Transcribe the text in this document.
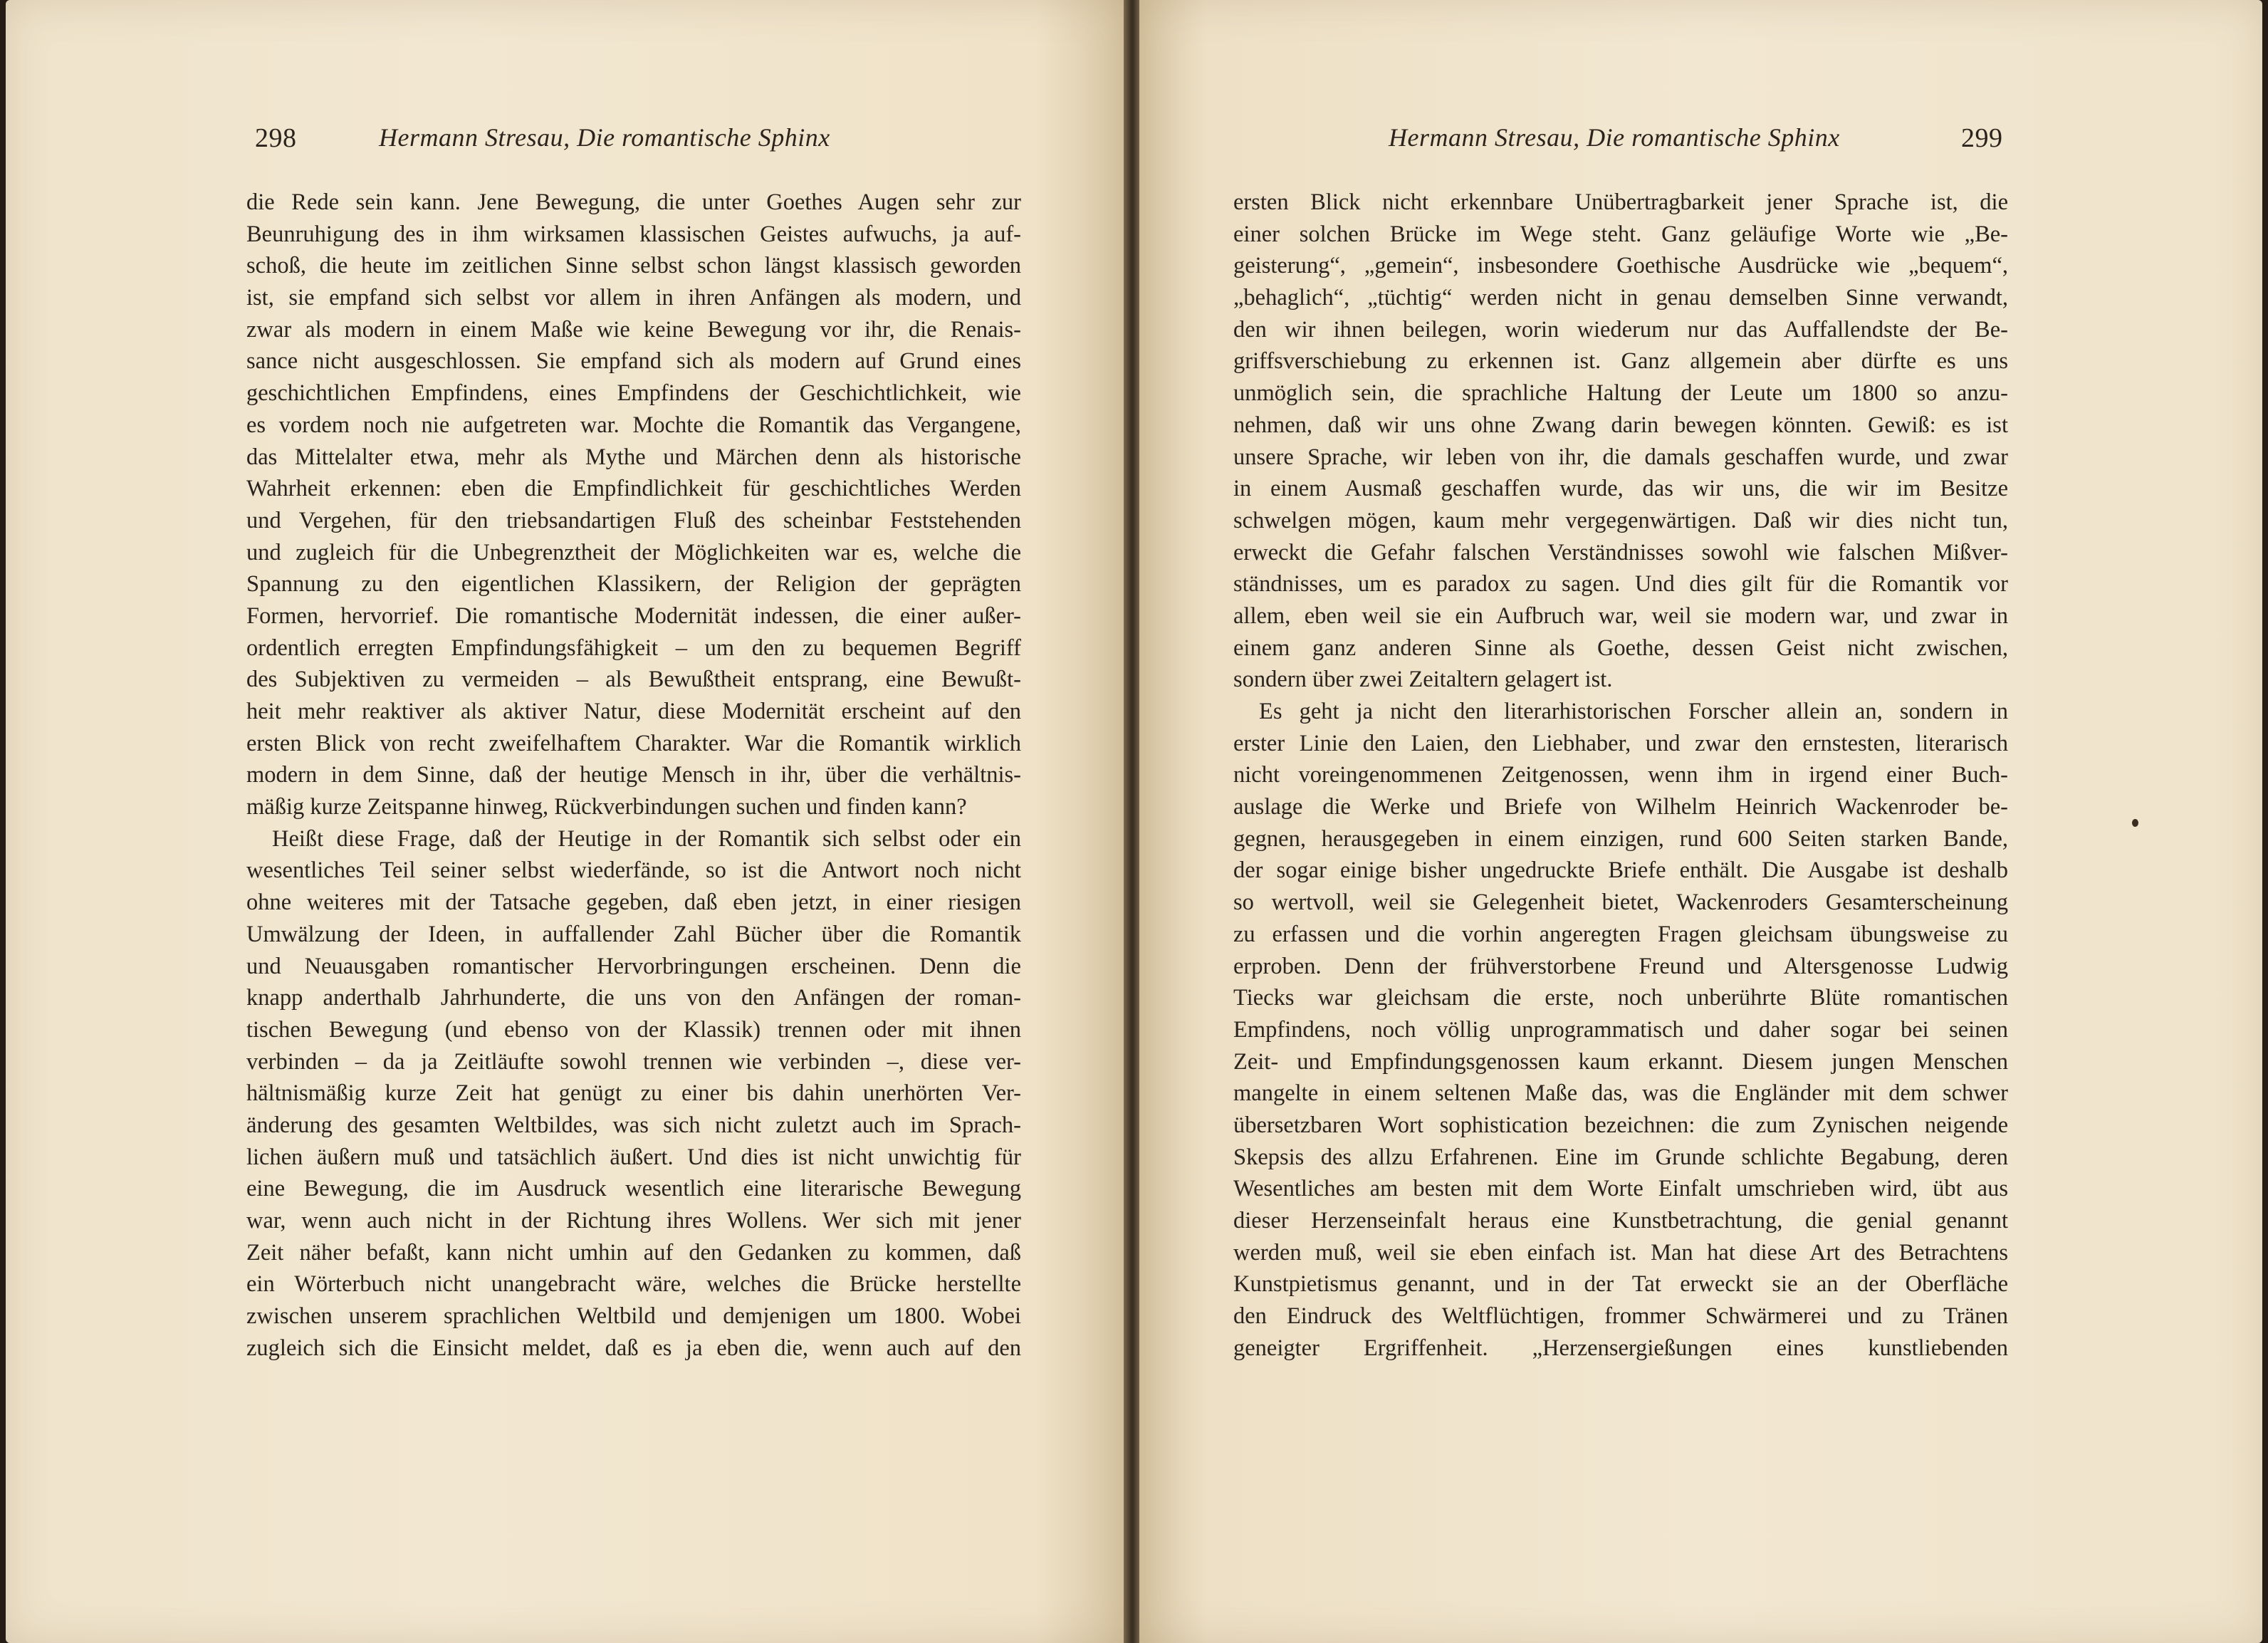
298	Hermann Stresau, Die romantische Sphinx
die Rede sein kann. Jene Bewegung, die unter Goethes Augen sehr zur
Beunruhigung des in ihm wirksamen klassischen Geistes aufwuchs, ja auf-
schoß, die heute im zeitlichen Sinne selbst schon längst klassisch geworden
ist, sie empfand sich selbst vor allem in ihren Anfängen als modern, und
zwar als modern in einem Maße wie keine Bewegung vor ihr, die Renais-
sance nicht ausgeschlossen. Sie empfand sich als modern auf Grund eines
geschichtlichen Empfindens, eines Empfindens der Geschichtlichkeit, wie
es vordem noch nie aufgetreten war. Mochte die Romantik das Vergangene,
das Mittelalter etwa, mehr als Mythe und Märchen denn als historische
Wahrheit erkennen: eben die Empfindlichkeit für geschichtliches Werden
und Vergehen, für den triebsandartigen Fluß des scheinbar Feststehenden
und zugleich für die Unbegrenztheit der Möglichkeiten war es, welche die
Spannung zu den eigentlichen Klassikern, der Religion der geprägten
Formen, hervorrief. Die romantische Modernität indessen, die einer außer-
ordentlich erregten Empfindungsfähigkeit – um den zu bequemen Begriff
des Subjektiven zu vermeiden – als Bewußtheit entsprang, eine Bewußt-
heit mehr reaktiver als aktiver Natur, diese Modernität erscheint auf den
ersten Blick von recht zweifelhaftem Charakter. War die Romantik wirklich
modern in dem Sinne, daß der heutige Mensch in ihr, über die verhältnis-
mäßig kurze Zeitspanne hinweg, Rückverbindungen suchen und finden kann?
Heißt diese Frage, daß der Heutige in der Romantik sich selbst oder ein
wesentliches Teil seiner selbst wiederfände, so ist die Antwort noch nicht
ohne weiteres mit der Tatsache gegeben, daß eben jetzt, in einer riesigen
Umwälzung der Ideen, in auffallender Zahl Bücher über die Romantik
und Neuausgaben romantischer Hervorbringungen erscheinen. Denn die
knapp anderthalb Jahrhunderte, die uns von den Anfängen der roman-
tischen Bewegung (und ebenso von der Klassik) trennen oder mit ihnen
verbinden – da ja Zeitläufte sowohl trennen wie verbinden –, diese ver-
hältnismäßig kurze Zeit hat genügt zu einer bis dahin unerhörten Ver-
änderung des gesamten Weltbildes, was sich nicht zuletzt auch im Sprach-
lichen äußern muß und tatsächlich äußert. Und dies ist nicht unwichtig für
eine Bewegung, die im Ausdruck wesentlich eine literarische Bewegung
war, wenn auch nicht in der Richtung ihres Wollens. Wer sich mit jener
Zeit näher befaßt, kann nicht umhin auf den Gedanken zu kommen, daß
ein Wörterbuch nicht unangebracht wäre, welches die Brücke herstellte
zwischen unserem sprachlichen Weltbild und demjenigen um 1800. Wobei
zugleich sich die Einsicht meldet, daß es ja eben die, wenn auch auf den
Hermann Stresau, Die romantische Sphinx	299
ersten Blick nicht erkennbare Unübertragbarkeit jener Sprache ist, die
einer solchen Brücke im Wege steht. Ganz geläufige Worte wie „Be-
geisterung“, „gemein“, insbesondere Goethische Ausdrücke wie „bequem“,
„behaglich“, „tüchtig“ werden nicht in genau demselben Sinne verwandt,
den wir ihnen beilegen, worin wiederum nur das Auffallendste der Be-
griffsverschiebung zu erkennen ist. Ganz allgemein aber dürfte es uns
unmöglich sein, die sprachliche Haltung der Leute um 1800 so anzu-
nehmen, daß wir uns ohne Zwang darin bewegen könnten. Gewiß: es ist
unsere Sprache, wir leben von ihr, die damals geschaffen wurde, und zwar
in einem Ausmaß geschaffen wurde, das wir uns, die wir im Besitze
schwelgen mögen, kaum mehr vergegenwärtigen. Daß wir dies nicht tun,
erweckt die Gefahr falschen Verständnisses sowohl wie falschen Mißver-
ständnisses, um es paradox zu sagen. Und dies gilt für die Romantik vor
allem, eben weil sie ein Aufbruch war, weil sie modern war, und zwar in
einem ganz anderen Sinne als Goethe, dessen Geist nicht zwischen,
sondern über zwei Zeitaltern gelagert ist.
Es geht ja nicht den literarhistorischen Forscher allein an, sondern in
erster Linie den Laien, den Liebhaber, und zwar den ernstesten, literarisch
nicht voreingenommenen Zeitgenossen, wenn ihm in irgend einer Buch-
auslage die Werke und Briefe von Wilhelm Heinrich Wackenroder be-
gegnen, herausgegeben in einem einzigen, rund 600 Seiten starken Bande,
der sogar einige bisher ungedruckte Briefe enthält. Die Ausgabe ist deshalb
so wertvoll, weil sie Gelegenheit bietet, Wackenroders Gesamterscheinung
zu erfassen und die vorhin angeregten Fragen gleichsam übungsweise zu
erproben. Denn der frühverstorbene Freund und Altersgenosse Ludwig
Tiecks war gleichsam die erste, noch unberührte Blüte romantischen
Empfindens, noch völlig unprogrammatisch und daher sogar bei seinen
Zeit- und Empfindungsgenossen kaum erkannt. Diesem jungen Menschen
mangelte in einem seltenen Maße das, was die Engländer mit dem schwer
übersetzbaren Wort sophistication bezeichnen: die zum Zynischen neigende
Skepsis des allzu Erfahrenen. Eine im Grunde schlichte Begabung, deren
Wesentliches am besten mit dem Worte Einfalt umschrieben wird, übt aus
dieser Herzenseinfalt heraus eine Kunstbetrachtung, die genial genannt
werden muß, weil sie eben einfach ist. Man hat diese Art des Betrachtens
Kunstpietismus genannt, und in der Tat erweckt sie an der Oberfläche
den Eindruck des Weltflüchtigen, frommer Schwärmerei und zu Tränen
geneigter Ergriffenheit. „Herzensergießungen eines kunstliebenden
